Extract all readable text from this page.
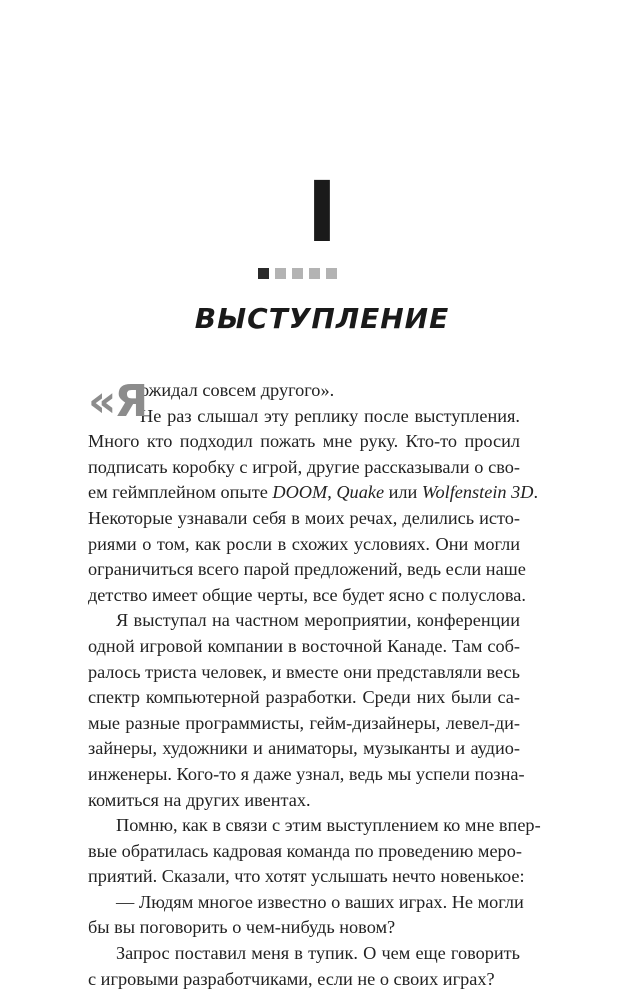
I
ВЫСТУПЛЕНИЕ
«Я
ожидал совсем другого».
Не раз слышал эту реплику после выступления.
Много кто подходил пожать мне руку. Кто-то просил
подписать коробку с игрой, другие рассказывали о сво-
ем геймплейном опыте DOOM, Quake или Wolfenstein 3D.
Некоторые узнавали себя в моих речах, делились исто-
риями о том, как росли в схожих условиях. Они могли
ограничиться всего парой предложений, ведь если наше
детство имеет общие черты, все будет ясно с полуслова.
Я выступал на частном мероприятии, конференции
одной игровой компании в восточной Канаде. Там соб-
ралось триста человек, и вместе они представляли весь
спектр компьютерной разработки. Среди них были са-
мые разные программисты, гейм-дизайнеры, левел-ди-
зайнеры, художники и аниматоры, музыканты и аудио-
инженеры. Кого-то я даже узнал, ведь мы успели позна-
комиться на других ивентах.
Помню, как в связи с этим выступлением ко мне впер-
вые обратилась кадровая команда по проведению меро-
приятий. Сказали, что хотят услышать нечто новенькое:
— Людям многое известно о ваших играх. Не могли
бы вы поговорить о чем-нибудь новом?
Запрос поставил меня в тупик. О чем еще говорить
с игровыми разработчиками, если не о своих играх?
